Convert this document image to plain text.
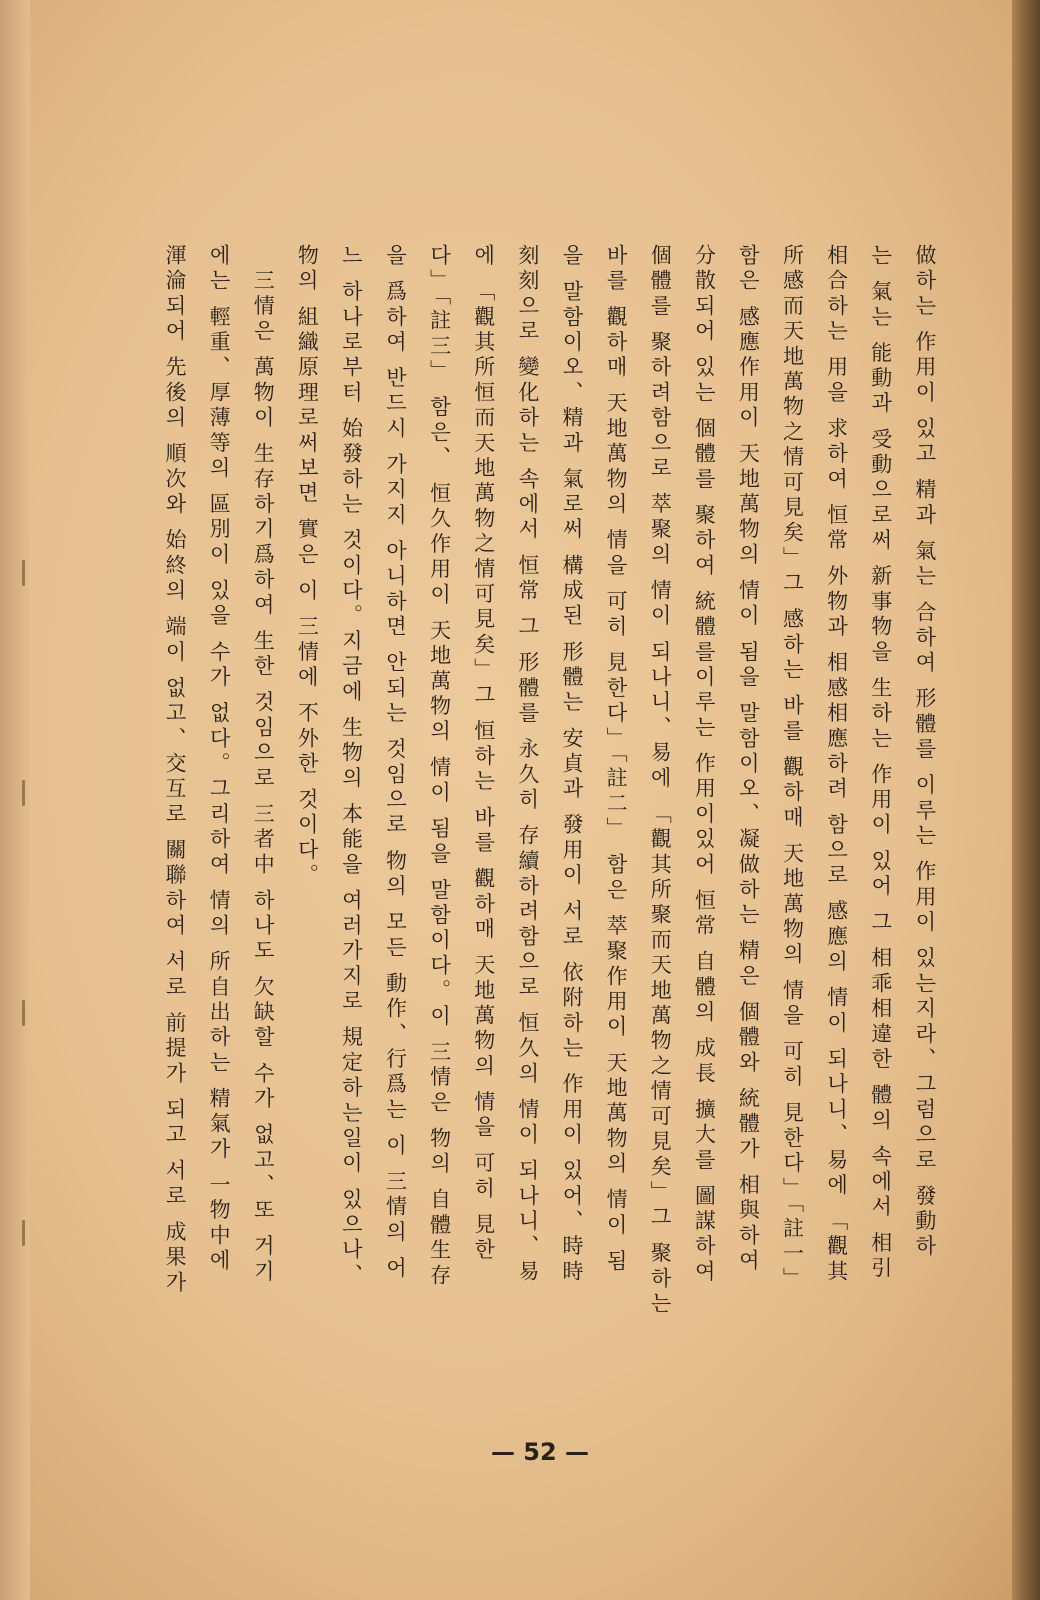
做하는 作用이 있고 精과 氣는 合하여 形體를 이루는 作用이 있는지라、그럼으로 發動하
는 氣는 能動과 受動으로써 新事物을 生하는 作用이 있어 그 相乖相違한 體의 속에서 相引
相合하는 用을 求하여 恒常 外物과 相感相應하려 함으로 感應의 情이 되나니、易에 「觀其
所感而天地萬物之情可見矣」그 感하는 바를 觀하매 天地萬物의 情을 可히 見한다」「註一」
함은 感應作用이 天地萬物의 情이 됨을 말함이오、凝做하는 精은 個體와 統體가 相與하여
分散되어 있는 個體를 聚하여 統體를이루는 作用이있어 恒常 自體의 成長 擴大를 圖謀하여
個體를 聚하려함으로 萃聚의 情이 되나니、易에 「觀其所聚而天地萬物之情可見矣」그 聚하는
바를 觀하매 天地萬物의 情을 可히 見한다」「註二」 함은 萃聚作用이 天地萬物의 情이 됨
을 말함이오、精과 氣로써 構成된 形體는 安貞과 發用이 서로 依附하는 作用이 있어、時時
刻刻으로 變化하는 속에서 恒常 그 形體를 永久히 存續하려함으로 恒久의 情이 되나니、易
에 「觀其所恒而天地萬物之情可見矣」그 恒하는 바를 觀하매 天地萬物의 情을 可히 見한
다」「註三」 함은、 恒久作用이 天地萬物의 情이 됨을 말함이다。이 三情은 物의 自體生存
을 爲하여 반드시 가지지 아니하면 안되는 것임으로 物의 모든 動作、行爲는 이 三情의 어
느 하나로부터 始發하는 것이다。지금에 生物의 本能을 여러가지로 規定하는일이 있으나、
物의 組織原理로써보면 實은 이 三情에 不外한 것이다。
　三情은 萬物이 生存하기爲하여 生한 것임으로 三者中 하나도 欠缺할 수가 없고、또 거기
에는 輕重、厚薄等의 區別이 있을 수가 없다。그리하여 情의 所自出하는 精氣가 一物中에
渾淪되어 先後의 順次와 始終의 端이 없고、交互로 關聯하여 서로 前提가 되고 서로 成果가
— 52 —
